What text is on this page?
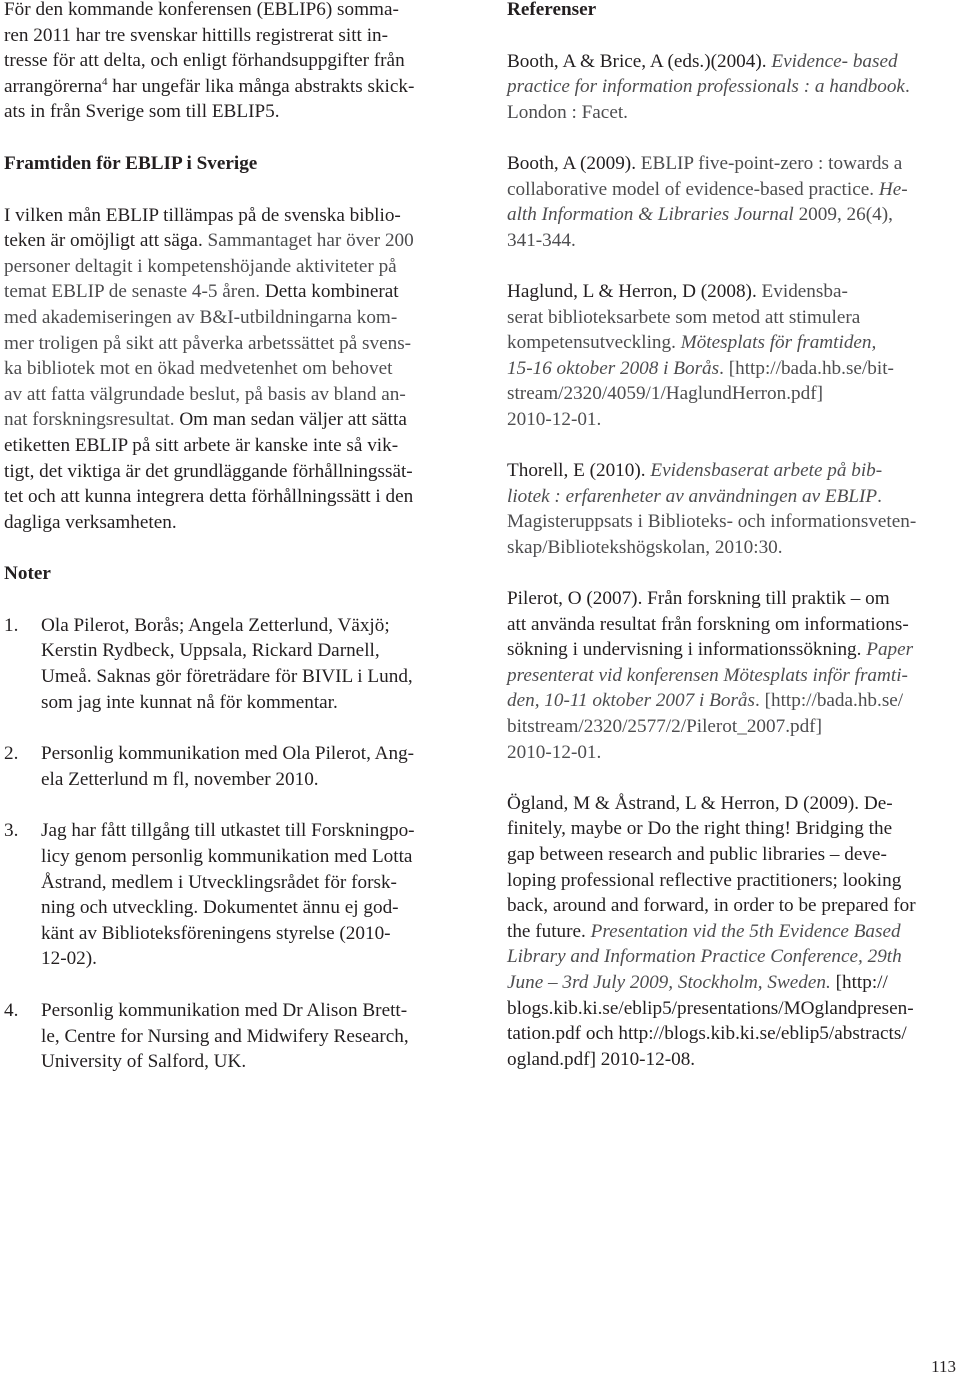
För den kommande konferensen (EBLIP6) somma-
ren 2011 har tre svenskar hittills registrerat sitt in-
tresse för att delta, och enligt förhandsuppgifter från
arrangörerna$^4$ har ungefär lika många abstrakts skick-
ats in från Sverige som till EBLIP5.

Framtiden för EBLIP i Sverige

I vilken mån EBLIP tillämpas på de svenska biblio-
teken är omöjligt att säga. Sammantaget har över 200
personer deltagit i kompetenshöjande aktiviteter på
temat EBLIP de senaste 4-5 åren. Detta kombinerat
med akademiseringen av B&I-utbildningarna kom-
mer troligen på sikt att påverka arbetssättet på svens-
ka bibliotek mot en ökad medvetenhet om behovet
av att fatta välgrundade beslut, på basis av bland an-
nat forskningsresultat. Om man sedan väljer att sätta
etiketten EBLIP på sitt arbete är kanske inte så vik-
tigt, det viktiga är det grundläggande förhållningssät-
tet och att kunna integrera detta förhållningssätt i den
dagliga verksamheten.

Noter

1.	Ola Pilerot, Borås; Angela Zetterlund, Växjö;
Kerstin Rydbeck, Uppsala, Rickard Darnell,
Umeå. Saknas gör företrädare för BIVIL i Lund,
som jag inte kunnat nå för kommentar.
2.	Personlig kommunikation med Ola Pilerot, Ang-
ela Zetterlund m fl, november 2010.
3.	Jag har fått tillgång till utkastet till Forskningpo-
licy genom personlig kommunikation med Lotta
Åstrand, medlem i Utvecklingsrådet för forsk-
ning och utveckling. Dokumentet ännu ej god-
känt av Biblioteksföreningens styrelse (2010-
12-02).
4.	Personlig kommunikation med Dr Alison Brett-
le, Centre for Nursing and Midwifery Research,
University of Salford, UK.

Referenser

Booth, A & Brice, A (eds.)(2004). Evidence- based
practice for information professionals : a handbook.
London : Facet.

Booth, A (2009). EBLIP five-point-zero : towards a
collaborative model of evidence-based practice. He-
alth Information & Libraries Journal 2009, 26(4),
341-344.

Haglund, L & Herron, D (2008). Evidensba-
serat biblioteksarbete som metod att stimulera
kompetensutveckling. Mötesplats för framtiden,
15-16 oktober 2008 i Borås. [http://bada.hb.se/bit-
stream/2320/4059/1/HaglundHerron.pdf]
2010-12-01.

Thorell, E (2010). Evidensbaserat arbete på bib-
liotek : erfarenheter av användningen av EBLIP.
Magisteruppsats i Biblioteks- och informationsveten-
skap/Bibliotekshögskolan, 2010:30.

Pilerot, O (2007). Från forskning till praktik – om
att använda resultat från forskning om informations-
sökning i undervisning i informationssökning. Paper
presenterat vid konferensen Mötesplats inför framti-
den, 10-11 oktober 2007 i Borås. [http://bada.hb.se/
bitstream/2320/2577/2/Pilerot_2007.pdf]
2010-12-01.

Ögland, M & Åstrand, L & Herron, D (2009). De-
finitely, maybe or Do the right thing! Bridging the
gap between research and public libraries – deve-
loping professional reflective practitioners; looking
back, around and forward, in order to be prepared for
the future. Presentation vid the 5th Evidence Based
Library and Information Practice Conference, 29th
June – 3rd July 2009, Stockholm, Sweden. [http://
blogs.kib.ki.se/eblip5/presentations/MOglandpresen-
tation.pdf och http://blogs.kib.ki.se/eblip5/abstracts/
ogland.pdf] 2010-12-08.

113
